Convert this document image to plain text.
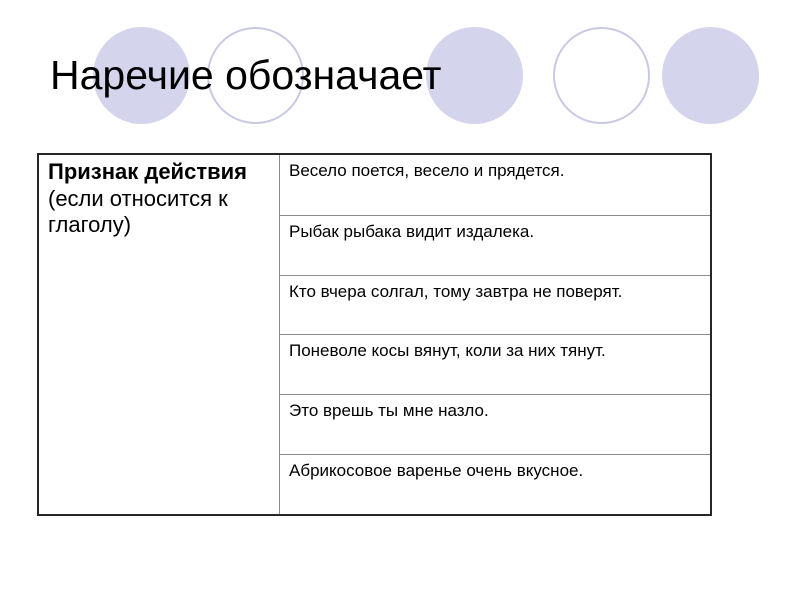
Наречие обозначает
Признак действия
(если относится к глаголу)
Весело поется, весело и прядется.
Рыбак рыбака видит издалека.
Кто вчера солгал, тому завтра не поверят.
Поневоле косы вянут, коли за них тянут.
Это врешь ты мне назло.
Абрикосовое варенье очень вкусное.
